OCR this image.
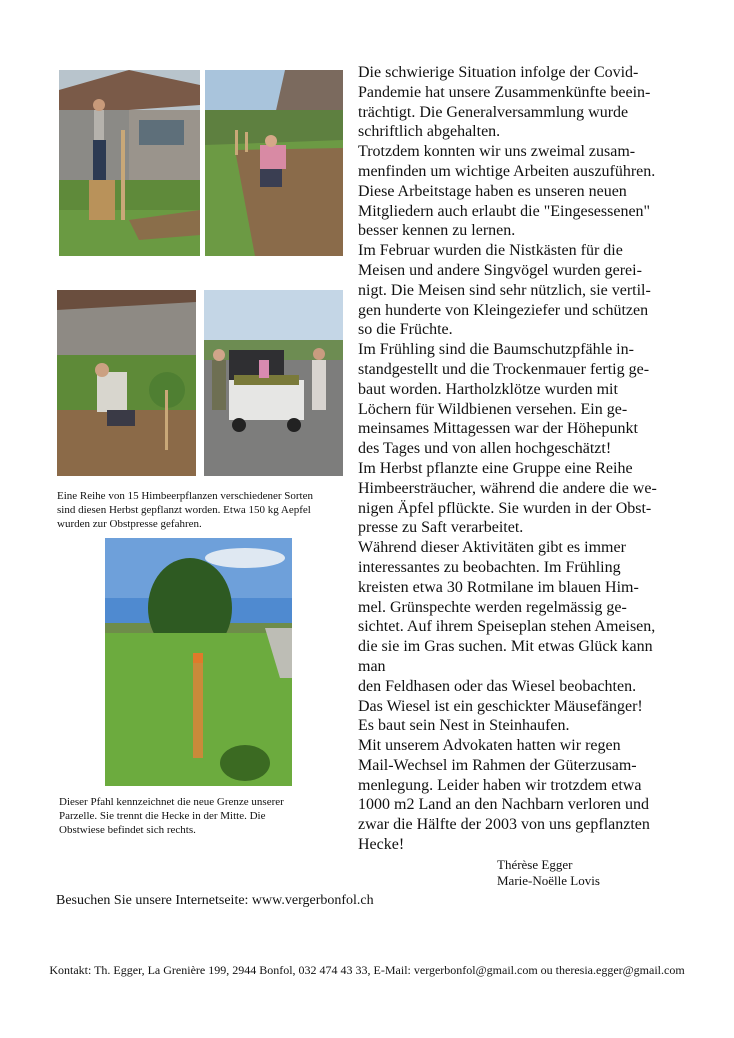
Eine Reihe von 15 Himbeerpflanzen verschiedener Sorten
sind diesen Herbst gepflanzt worden. Etwa 150 kg Aepfel
wurden zur Obstpresse gefahren.
Dieser Pfahl kennzeichnet die neue Grenze unserer
Parzelle. Sie trennt die Hecke in der Mitte. Die
Obstwiese befindet sich rechts.
Die schwierige Situation infolge der Covid-
Pandemie hat unsere Zusammenkünfte beein-
trächtigt. Die Generalversammlung wurde
schriftlich abgehalten.
Trotzdem konnten wir uns zweimal zusam-
menfinden um wichtige Arbeiten auszuführen.
Diese Arbeitstage haben es unseren neuen
Mitgliedern auch erlaubt die "Eingesessenen"
besser kennen zu lernen.
Im Februar wurden die Nistkästen für die
Meisen und andere Singvögel wurden gerei-
nigt. Die Meisen sind sehr nützlich, sie vertil-
gen hunderte von Kleingeziefer und schützen
so die Früchte.
Im Frühling sind die Baumschutzpfähle in-
standgestellt und die Trockenmauer fertig ge-
baut worden. Hartholzklötze wurden mit
Löchern für Wildbienen versehen. Ein ge-
meinsames Mittagessen war der Höhepunkt
des Tages und von allen hochgeschätzt!
Im Herbst pflanzte eine Gruppe eine Reihe
Himbeersträucher, während die andere die we-
nigen Äpfel pflückte. Sie wurden in der Obst-
presse zu Saft verarbeitet.
Während dieser Aktivitäten gibt es immer
interessantes zu beobachten. Im Frühling
kreisten etwa 30 Rotmilane im blauen Him-
mel. Grünspechte werden regelmässig ge-
sichtet. Auf ihrem Speiseplan stehen Ameisen,
die sie im Gras suchen. Mit etwas Glück kann
man
den Feldhasen oder das Wiesel beobachten.
Das Wiesel ist ein geschickter Mäusefänger!
Es baut sein Nest in Steinhaufen.
Mit unserem Advokaten hatten wir regen
Mail-Wechsel im Rahmen der Güterzusam-
menlegung. Leider haben wir trotzdem etwa
1000 m2 Land an den Nachbarn verloren und
zwar die Hälfte der 2003 von uns gepflanzten
Hecke!
Thérèse Egger
Marie-Noëlle Lovis
Besuchen Sie unsere Internetseite: www.vergerbonfol.ch
Kontakt: Th. Egger, La Grenière 199, 2944 Bonfol, 032 474 43 33, E-Mail: vergerbonfol@gmail.com ou theresia.egger@gmail.com
